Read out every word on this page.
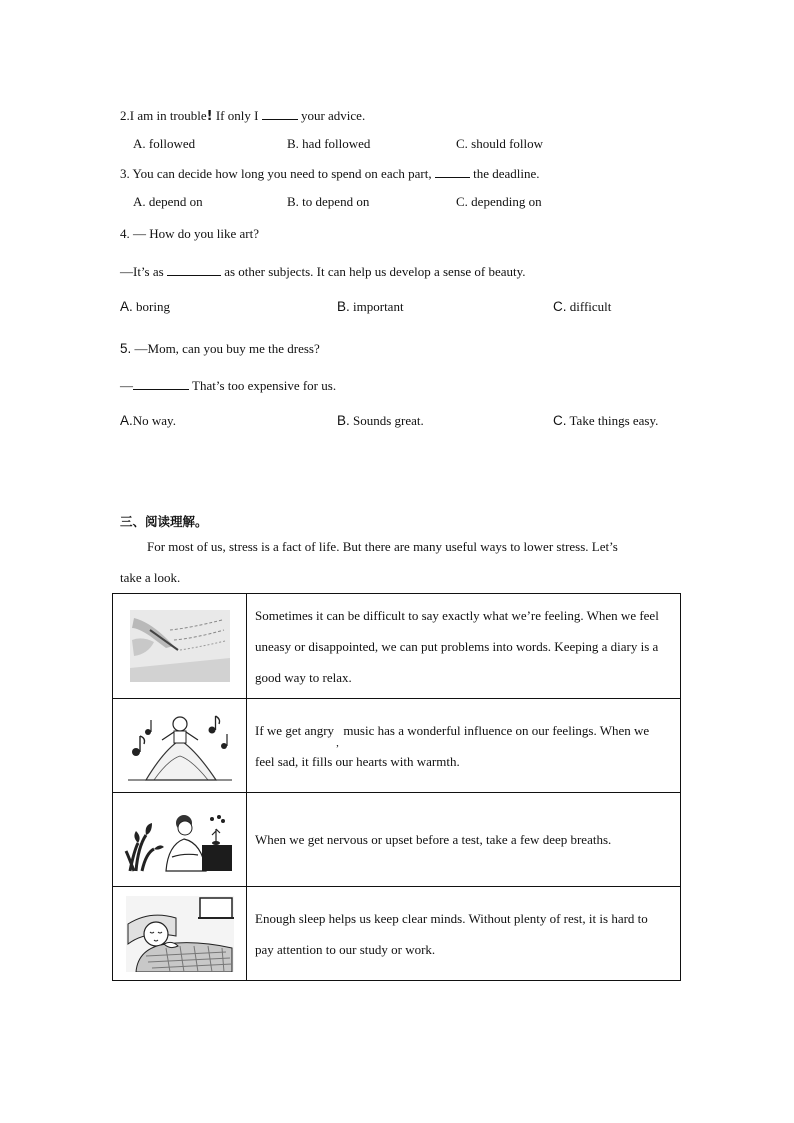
2.I am in trouble! If only I	your advice.
A. followed	B. had followed	C. should follow
3. You can decide how long you need to spend on each part,	the deadline.
A. depend on	B. to depend on	C. depending on
4. — How do you like art?
—It’s as	as other subjects. It can help us develop a sense of beauty.
A. boring	B. important	C. difficult
5. —Mom, can you buy me the dress?
—	That’s too expensive for us.
A.No way.	B. Sounds great.	C. Take things easy.
三、阅读理解。
For most of us, stress is a fact of life. But there are many useful ways to lower stress. Let’s
take a look.
	Sometimes it can be difficult to say exactly what we’re feeling. When we feel uneasy or disappointed, we can put problems into words. Keeping a diary is a good way to relax.

	If we get angry
,
music has a wonderful influence on our feelings. When we feel sad, it fills our hearts with warmth.

	When we get nervous or upset before a test, take a few deep breaths.

	Enough sleep helps us keep clear minds. Without plenty of rest, it is hard to pay attention to our study or work.
